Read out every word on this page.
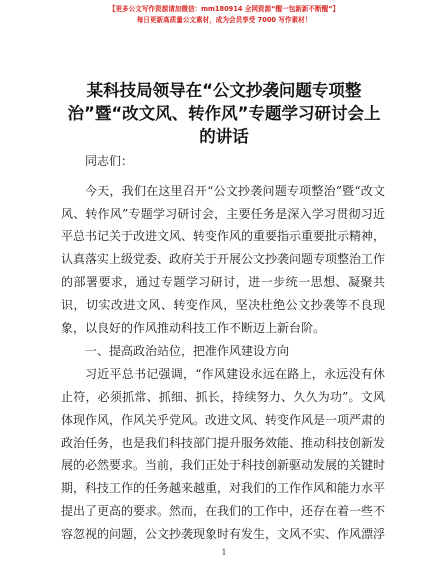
【更多公文写作资源请加微信：mm180914 全网资源“醒一包新新不断醒”】
每日更新高质量公文素材，成为会员享受 7000 写作素材！
某科技局领导在“公文抄袭问题专项整
治”暨“改文风、转作风”专题学习研讨会上
的讲话

同志们：

今天，我们在这里召开“公文抄袭问题专项整治”暨“改文风、转作风”专题学习研讨会，主要任务是深入学习贯彻习近平总书记关于改进文风、转变作风的重要指示重要批示精神，认真落实上级党委、政府关于开展公文抄袭问题专项整治工作的部署要求，通过专题学习研讨，进一步统一思想、凝聚共识，切实改进文风、转变作风，坚决杜绝公文抄袭等不良现象，以良好的作风推动科技工作不断迈上新台阶。

一、提高政治站位，把准作风建设方向

习近平总书记强调，“作风建设永远在路上，永远没有休止符，必须抓常、抓细、抓长，持续努力、久久为功”。文风体现作风，作风关乎党风。改进文风、转变作风是一项严肃的政治任务，也是我们科技部门提升服务效能、推动科技创新发展的必然要求。当前，我们正处于科技创新驱动发展的关键时期，科技工作的任务越来越重，对我们的工作作风和能力水平提出了更高的要求。然而，在我们的工作中，还存在着一些不容忽视的问题，公文抄袭现象时有发生，文风不实、作风漂浮

1
